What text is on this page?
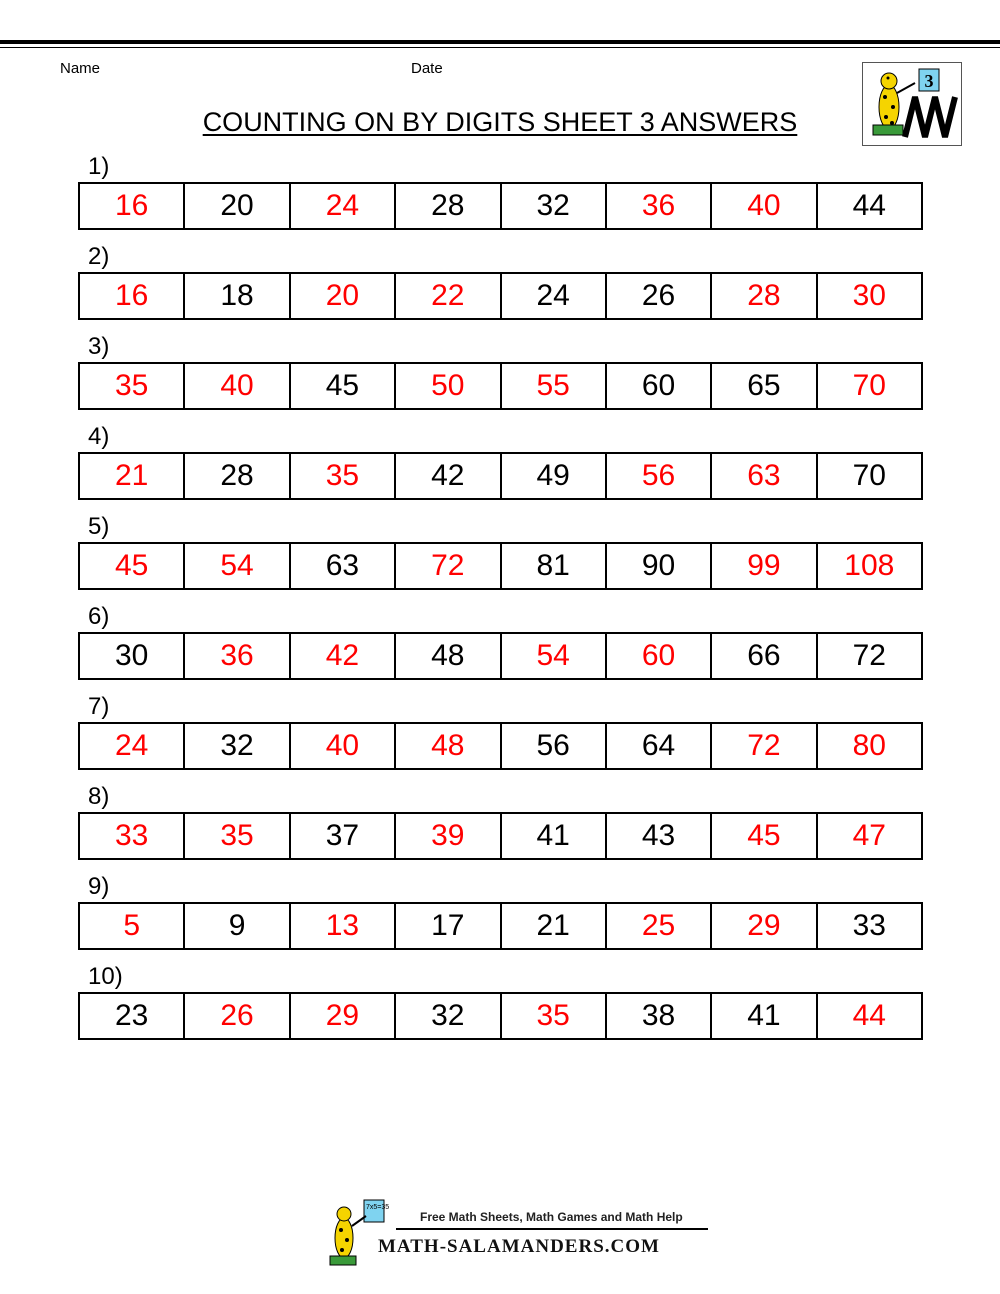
Name	Date
COUNTING ON BY DIGITS SHEET 3 ANSWERS
3
1)
16	20	24	28	32	36	40	44
2)
16	18	20	22	24	26	28	30
3)
35	40	45	50	55	60	65	70
4)
21	28	35	42	49	56	63	70
5)
45	54	63	72	81	90	99	108
6)
30	36	42	48	54	60	66	72
7)
24	32	40	48	56	64	72	80
8)
33	35	37	39	41	43	45	47
9)
5	9	13	17	21	25	29	33
10)
23	26	29	32	35	38	41	44
7x5=35
Free Math Sheets, Math Games and Math Help
MATH-SALAMANDERS.COM
